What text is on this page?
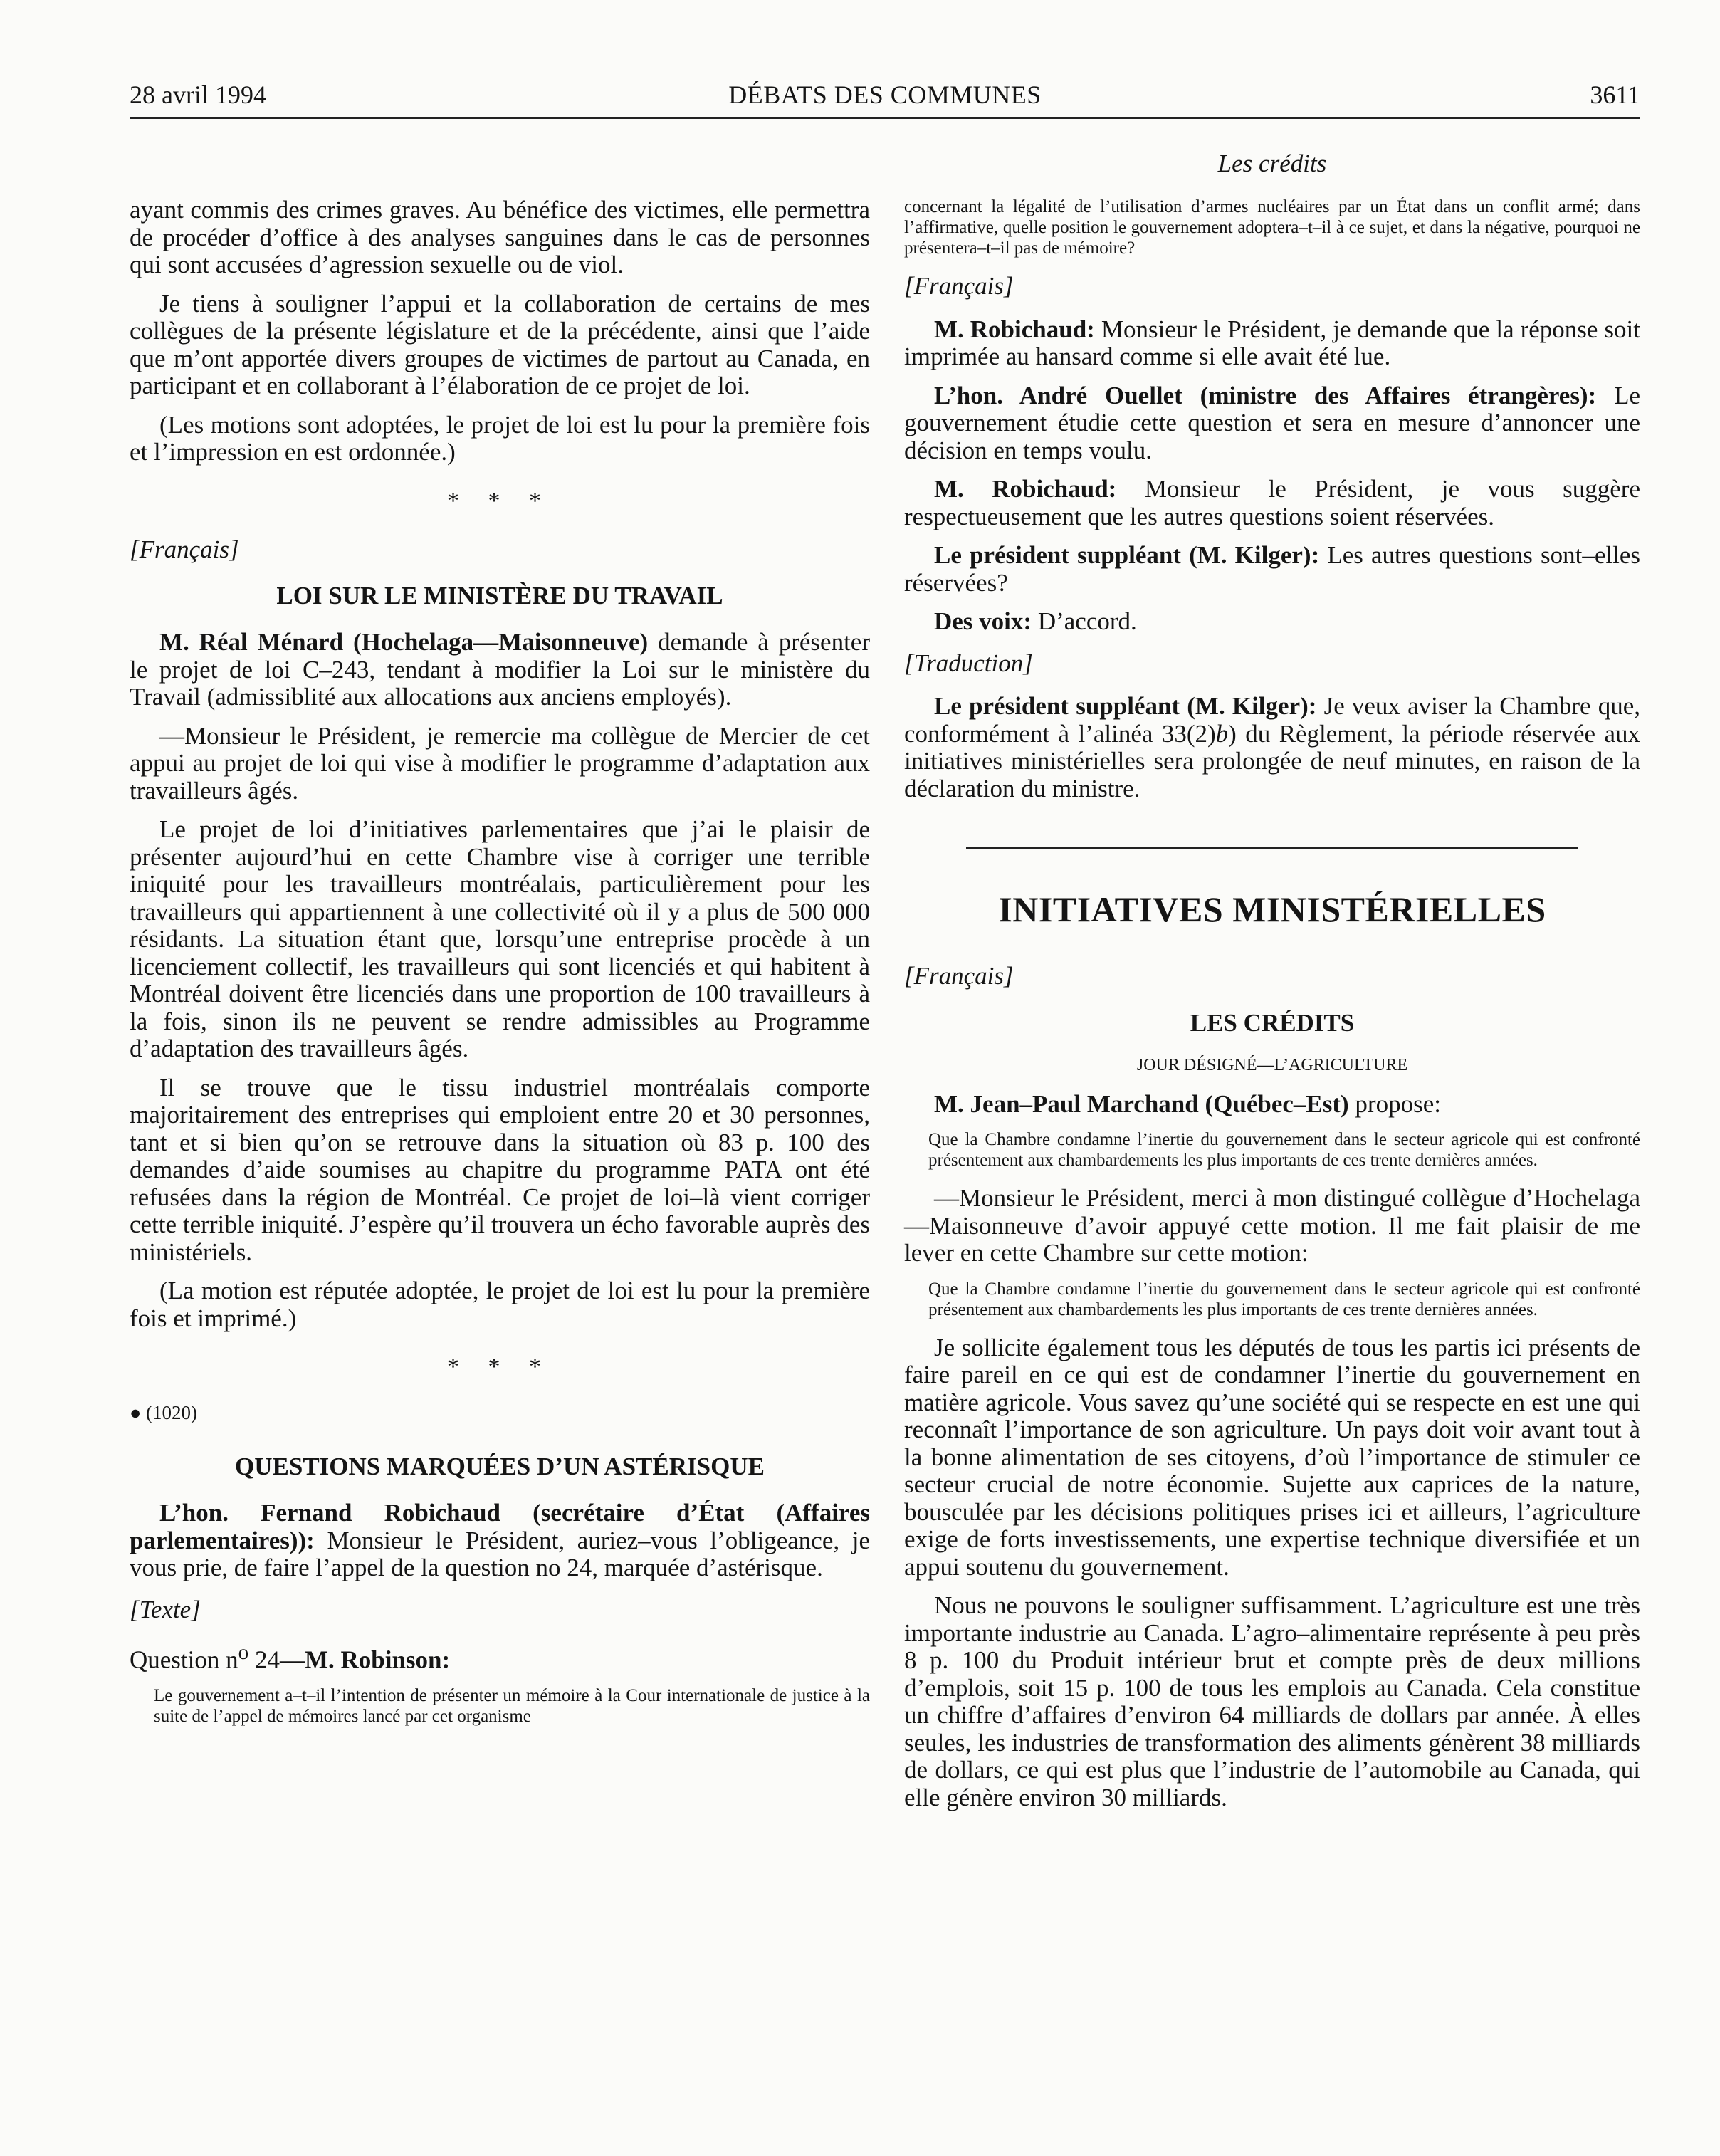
28 avril 1994	DÉBATS DES COMMUNES	3611

ayant commis des crimes graves. Au bénéfice des victimes, elle permettra de procéder d’office à des analyses sanguines dans le cas de personnes qui sont accusées d’agression sexuelle ou de viol.

Je tiens à souligner l’appui et la collaboration de certains de mes collègues de la présente législature et de la précédente, ainsi que l’aide que m’ont apportée divers groupes de victimes de partout au Canada, en participant et en collaborant à l’élaboration de ce projet de loi.

(Les motions sont adoptées, le projet de loi est lu pour la première fois et l’impression en est ordonnée.)

* * *

[Français]

LOI SUR LE MINISTÈRE DU TRAVAIL

M. Réal Ménard (Hochelaga—Maisonneuve) demande à présenter le projet de loi C–243, tendant à modifier la Loi sur le ministère du Travail (admissiblité aux allocations aux anciens employés).

—Monsieur le Président, je remercie ma collègue de Mercier de cet appui au projet de loi qui vise à modifier le programme d’adaptation aux travailleurs âgés.

Le projet de loi d’initiatives parlementaires que j’ai le plaisir de présenter aujourd’hui en cette Chambre vise à corriger une terrible iniquité pour les travailleurs montréalais, particulièrement pour les travailleurs qui appartiennent à une collectivité où il y a plus de 500 000 résidants. La situation étant que, lorsqu’une entreprise procède à un licenciement collectif, les travailleurs qui sont licenciés et qui habitent à Montréal doivent être licenciés dans une proportion de 100 travailleurs à la fois, sinon ils ne peuvent se rendre admissibles au Programme d’adaptation des travailleurs âgés.

Il se trouve que le tissu industriel montréalais comporte majoritairement des entreprises qui emploient entre 20 et 30 personnes, tant et si bien qu’on se retrouve dans la situation où 83 p. 100 des demandes d’aide soumises au chapitre du programme PATA ont été refusées dans la région de Montréal. Ce projet de loi–là vient corriger cette terrible iniquité. J’espère qu’il trouvera un écho favorable auprès des ministériels.

(La motion est réputée adoptée, le projet de loi est lu pour la première fois et imprimé.)

* * *
● (1020)
QUESTIONS MARQUÉES D’UN ASTÉRISQUE

L’hon. Fernand Robichaud (secrétaire d’État (Affaires parlementaires)): Monsieur le Président, auriez–vous l’obligeance, je vous prie, de faire l’appel de la question no 24, marquée d’astérisque.

[Texte]

Question $n^o$ 24—M. Robinson:

Le gouvernement a–t–il l’intention de présenter un mémoire à la Cour internationale de justice à la suite de l’appel de mémoires lancé par cet organisme

Les crédits

concernant la légalité de l’utilisation d’armes nucléaires par un État dans un conflit armé; dans l’affirmative, quelle position le gouvernement adoptera–t–il à ce sujet, et dans la négative, pourquoi ne présentera–t–il pas de mémoire?

[Français]

M. Robichaud: Monsieur le Président, je demande que la réponse soit imprimée au hansard comme si elle avait été lue.

L’hon. André Ouellet (ministre des Affaires étrangères): Le gouvernement étudie cette question et sera en mesure d’annoncer une décision en temps voulu.

M. Robichaud: Monsieur le Président, je vous suggère respectueusement que les autres questions soient réservées.

Le président suppléant (M. Kilger): Les autres questions sont–elles réservées?

Des voix: D’accord.

[Traduction]

Le président suppléant (M. Kilger): Je veux aviser la Chambre que, conformément à l’alinéa 33(2)b) du Règlement, la période réservée aux initiatives ministérielles sera prolongée de neuf minutes, en raison de la déclaration du ministre.

INITIATIVES MINISTÉRIELLES

[Français]

LES CRÉDITS
JOUR DÉSIGNÉ—L’AGRICULTURE

M. Jean–Paul Marchand (Québec–Est) propose:

Que la Chambre condamne l’inertie du gouvernement dans le secteur agricole qui est confronté présentement aux chambardements les plus importants de ces trente dernières années.

—Monsieur le Président, merci à mon distingué collègue d’Hochelaga—Maisonneuve d’avoir appuyé cette motion. Il me fait plaisir de me lever en cette Chambre sur cette motion:

Que la Chambre condamne l’inertie du gouvernement dans le secteur agricole qui est confronté présentement aux chambardements les plus importants de ces trente dernières années.

Je sollicite également tous les députés de tous les partis ici présents de faire pareil en ce qui est de condamner l’inertie du gouvernement en matière agricole. Vous savez qu’une société qui se respecte en est une qui reconnaît l’importance de son agriculture. Un pays doit voir avant tout à la bonne alimentation de ses citoyens, d’où l’importance de stimuler ce secteur crucial de notre économie. Sujette aux caprices de la nature, bousculée par les décisions politiques prises ici et ailleurs, l’agriculture exige de forts investissements, une expertise technique diversifiée et un appui soutenu du gouvernement.

Nous ne pouvons le souligner suffisamment. L’agriculture est une très importante industrie au Canada. L’agro–alimentaire représente à peu près 8 p. 100 du Produit intérieur brut et compte près de deux millions d’emplois, soit 15 p. 100 de tous les emplois au Canada. Cela constitue un chiffre d’affaires d’environ 64 milliards de dollars par année. À elles seules, les industries de transformation des aliments génèrent 38 milliards de dollars, ce qui est plus que l’industrie de l’automobile au Canada, qui elle génère environ 30 milliards.
